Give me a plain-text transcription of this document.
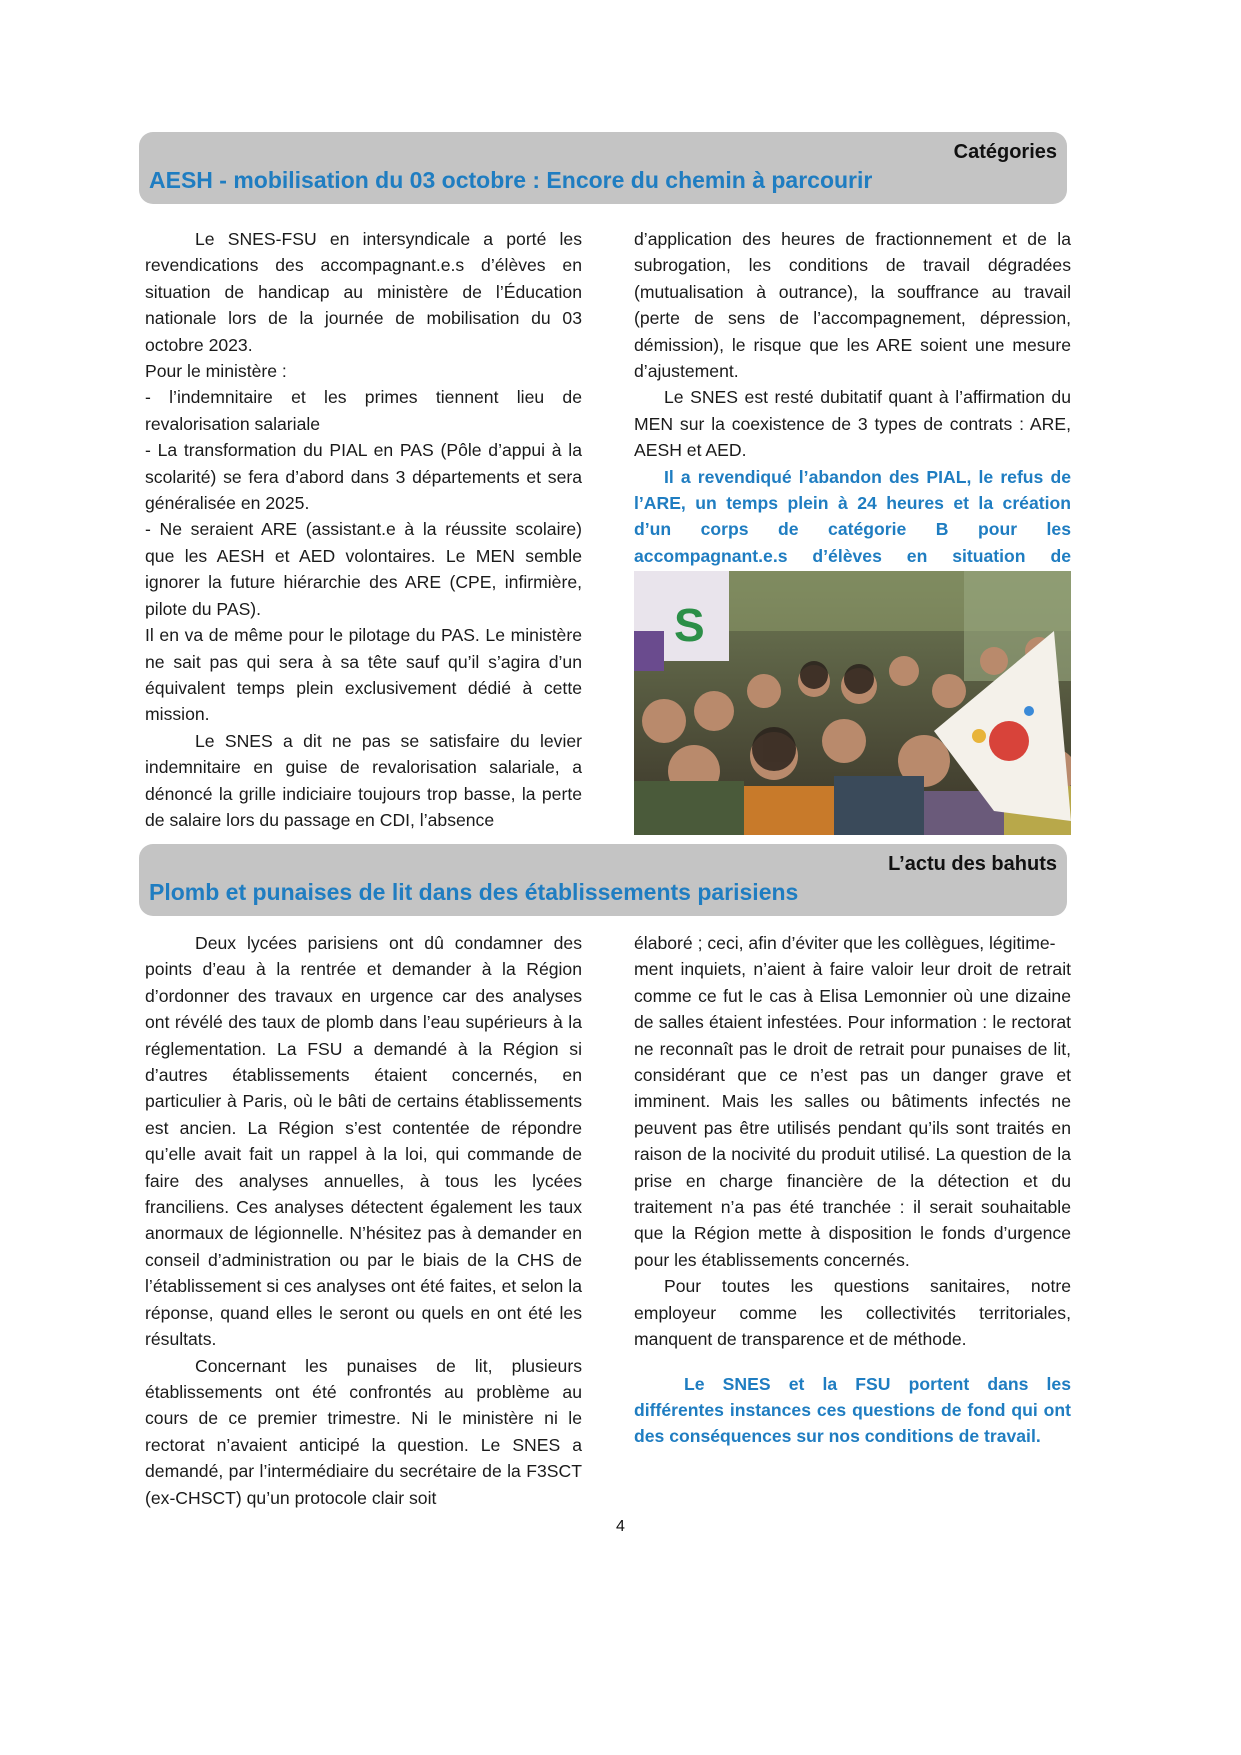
Catégories
AESH - mobilisation du 03 octobre : Encore du chemin à parcourir

Le SNES-FSU en intersyndicale a porté les revendications des accompagnant.e.s d’élèves en situation de handicap au ministère de l’Éducation nationale lors de la journée de mobilisation du 03 octobre 2023.

Pour le ministère :

- l’indemnitaire et les primes tiennent lieu de revalorisation salariale

- La transformation du PIAL en PAS (Pôle d’appui à la scolarité) se fera d’abord dans 3 départements et sera généralisée en 2025.

- Ne seraient ARE (assistant.e à la réussite scolaire) que les AESH et AED volontaires. Le MEN semble ignorer la future hiérarchie des ARE (CPE, infirmière, pilote du PAS).

Il en va de même pour le pilotage du PAS. Le ministère ne sait pas qui sera à sa tête sauf qu’il s’agira d’un équivalent temps plein exclusivement dédié à cette mission.

Le SNES a dit ne pas se satisfaire du levier indemnitaire en guise de revalorisation salariale, a dénoncé la grille indiciaire toujours trop basse, la perte de salaire lors du passage en CDI, l’absence

d’application des heures de fractionnement et de la subrogation, les conditions de travail dégradées (mutualisation à outrance), la souffrance au travail (perte de sens de l’accompagnement, dépression, démission), le risque que les ARE soient une mesure d’ajustement.

Le SNES est resté dubitatif quant à l’affirmation du MEN sur la coexistence de 3 types de contrats : ARE, AESH et AED.

Il a revendiqué l’abandon des PIAL, le refus de l’ARE, un temps plein à 24 heures et la création d’un corps de catégorie B pour les accompagnant.e.s d’élèves en situation de

S
L’actu des bahuts
Plomb et punaises de lit dans des établissements parisiens

Deux lycées parisiens ont dû condamner des points d’eau à la rentrée et demander à la Région d’ordonner des travaux en urgence car des analyses ont révélé des taux de plomb dans l’eau supérieurs à la réglementation. La FSU a demandé à la Région si d’autres établissements étaient concernés, en particulier à Paris, où le bâti de certains établissements est ancien. La Région s’est contentée de répondre qu’elle avait fait un rappel à la loi, qui commande de faire des analyses annuelles, à tous les lycées franciliens. Ces analyses détectent également les taux anormaux de légionnelle. N’hésitez pas à demander en conseil d’administration ou par le biais de la CHS de l’établissement si ces analyses ont été faites, et selon la réponse, quand elles le seront ou quels en ont été les résultats.

Concernant les punaises de lit, plusieurs établissements ont été confrontés au problème au cours de ce premier trimestre. Ni le ministère ni le rectorat n’avaient anticipé la question. Le SNES a demandé, par l’intermédiaire du secrétaire de la F3SCT (ex-CHSCT) qu’un protocole clair soit

élaboré ; ceci, afin d’éviter que les collègues, légitime-

ment inquiets, n’aient à faire valoir leur droit de retrait comme ce fut le cas à Elisa Lemonnier où une dizaine de salles étaient infestées. Pour information : le rectorat ne reconnaît pas le droit de retrait pour punaises de lit, considérant que ce n’est pas un danger grave et imminent. Mais les salles ou bâtiments infectés ne peuvent pas être utilisés pendant qu’ils sont traités en raison de la nocivité du produit utilisé. La question de la prise en charge financière de la détection et du traitement n’a pas été tranchée : il serait souhaitable que la Région mette à disposition le fonds d’urgence pour les établissements concernés.

Pour toutes les questions sanitaires, notre employeur comme les collectivités territoriales, manquent de transparence et de méthode.

Le SNES et la FSU portent dans les différentes instances ces questions de fond qui ont des conséquences sur nos conditions de travail.

4
